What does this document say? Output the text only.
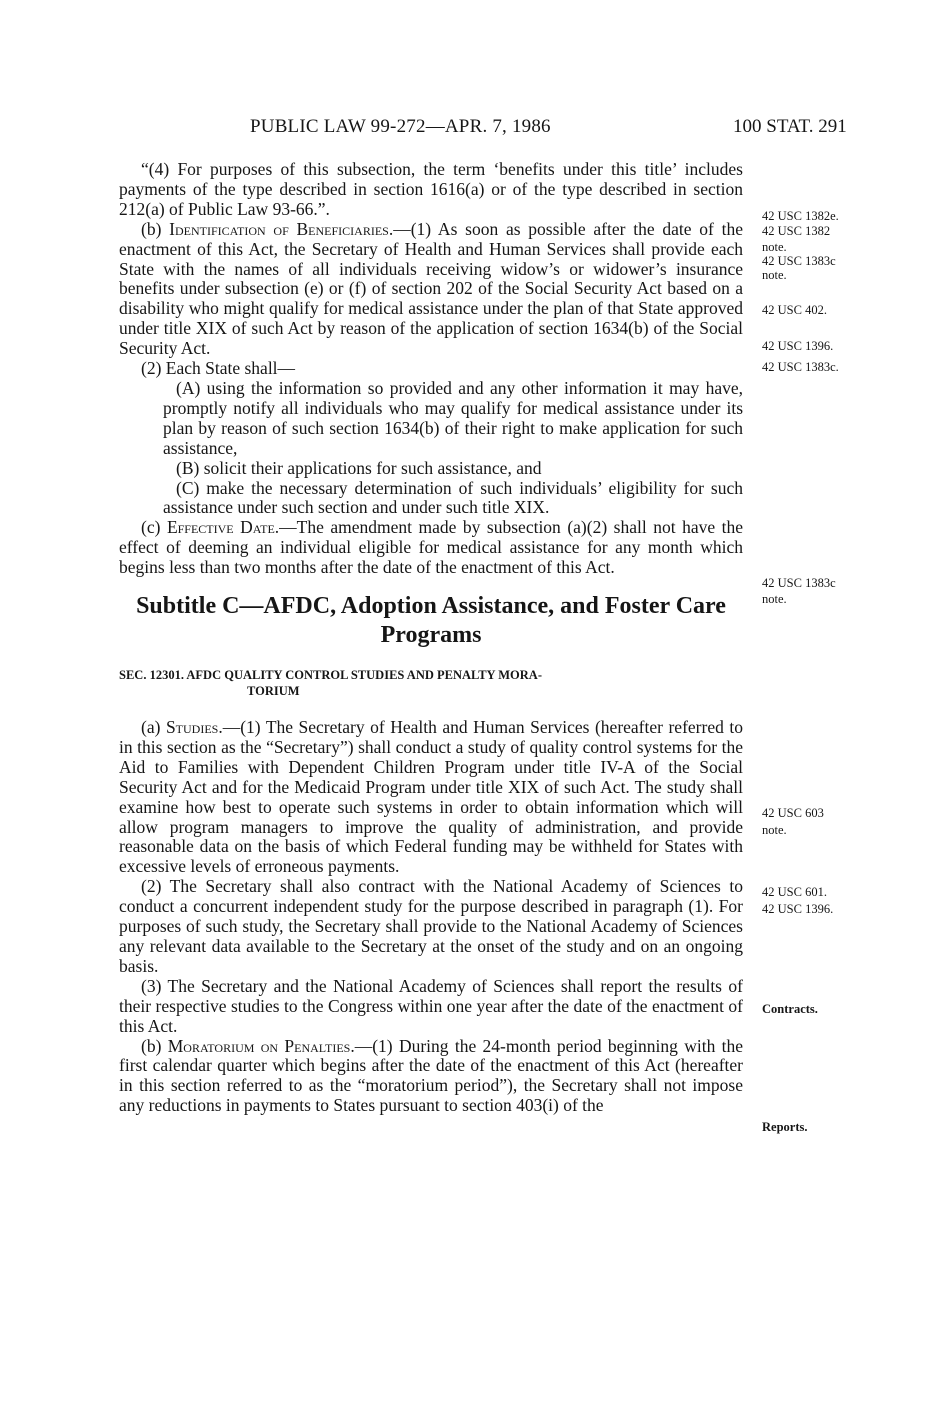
PUBLIC LAW 99-272—APR. 7, 1986	100 STAT. 291

“(4) For purposes of this subsection, the term ‘benefits under this title’ includes payments of the type described in section 1616(a) or of the type described in section 212(a) of Public Law 93-66.”.

(b) Identification of Beneficiaries.—(1) As soon as possible after the date of the enactment of this Act, the Secretary of Health and Human Services shall provide each State with the names of all individuals receiving widow’s or widower’s insurance benefits under subsection (e) or (f) of section 202 of the Social Security Act based on a disability who might qualify for medical assistance under the plan of that State approved under title XIX of such Act by reason of the application of section 1634(b) of the Social Security Act.

(2) Each State shall—

(A) using the information so provided and any other information it may have, promptly notify all individuals who may qualify for medical assistance under its plan by reason of such section 1634(b) of their right to make application for such assistance,

(B) solicit their applications for such assistance, and

(C) make the necessary determination of such individuals’ eligibility for such assistance under such section and under such title XIX.

(c) Effective Date.—The amendment made by subsection (a)(2) shall not have the effect of deeming an individual eligible for medical assistance for any month which begins less than two months after the date of the enactment of this Act.

Subtitle C—AFDC, Adoption Assistance, and Foster Care Programs
SEC. 12301. AFDC QUALITY CONTROL STUDIES AND PENALTY MORA-
TORIUM

(a) Studies.—(1) The Secretary of Health and Human Services (hereafter referred to in this section as the “Secretary”) shall conduct a study of quality control systems for the Aid to Families with Dependent Children Program under title IV-A of the Social Security Act and for the Medicaid Program under title XIX of such Act. The study shall examine how best to operate such systems in order to obtain information which will allow program managers to improve the quality of administration, and provide reasonable data on the basis of which Federal funding may be withheld for States with excessive levels of erroneous payments.

(2) The Secretary shall also contract with the National Academy of Sciences to conduct a concurrent independent study for the purpose described in paragraph (1). For purposes of such study, the Secretary shall provide to the National Academy of Sciences any relevant data available to the Secretary at the onset of the study and on an ongoing basis.

(3) The Secretary and the National Academy of Sciences shall report the results of their respective studies to the Congress within one year after the date of the enactment of this Act.

(b) Moratorium on Penalties.—(1) During the 24-month period beginning with the first calendar quarter which begins after the date of the enactment of this Act (hereafter in this section referred to as the “moratorium period”), the Secretary shall not impose any reductions in payments to States pursuant to section 403(i) of the

42 USC 1382e.
42 USC 1382
note.
42 USC 1383c
note.
42 USC 402.
42 USC 1396.
42 USC 1383c.
42 USC 1383c
note.
42 USC 603
note.
42 USC 601.
42 USC 1396.
Contracts.
Reports.
